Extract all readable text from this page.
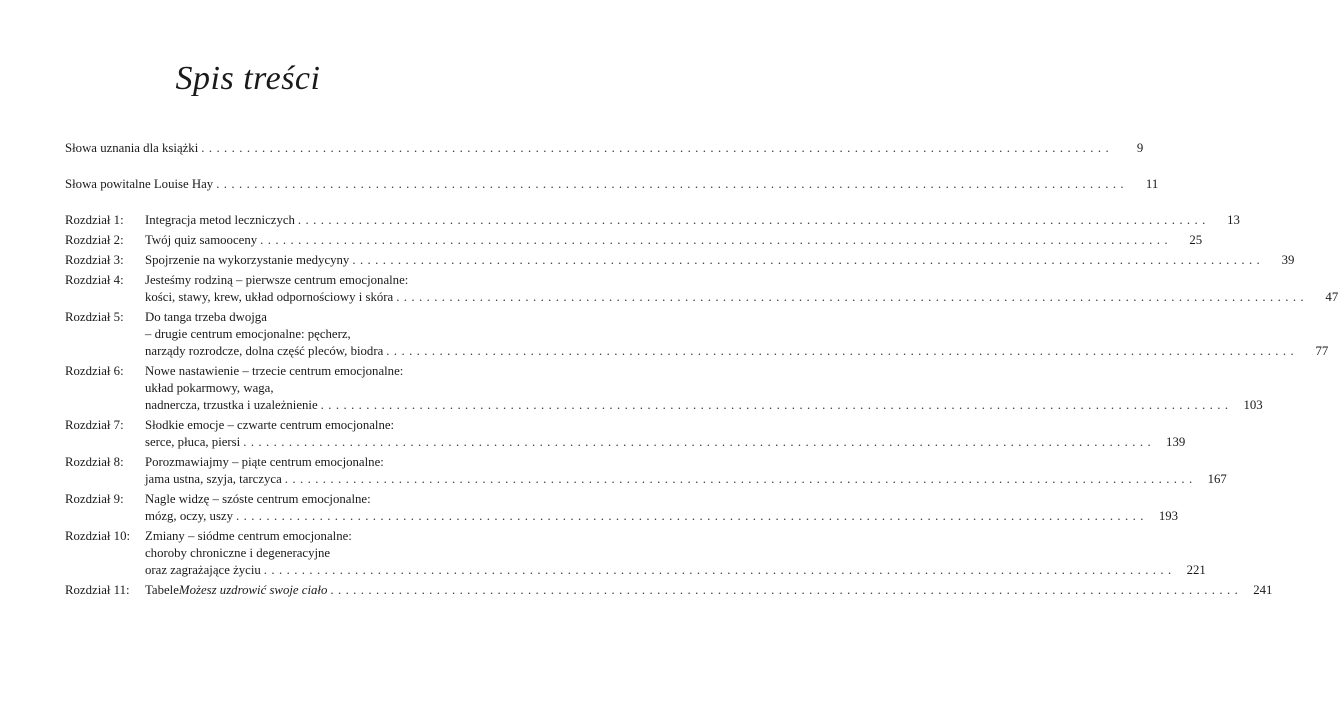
Spis treści
Słowa uznania dla książki . . . . . . . . . . . . . . . . . . . . . . . . . . . . . . . . . . . . . . . . . . . . . . . . . . . . . . . . . . . . . . . . . . . . . . . . . . . . . . . . . . . . . . . . . . . . . . . . . . . . . . . . . . . . . . . . . . . . . . . .	9
Słowa powitalne Louise Hay . . . . . . . . . . . . . . . . . . . . . . . . . . . . . . . . . . . . . . . . . . . . . . . . . . . . . . . . . . . . . . . . . . . . . . . . . . . . . . . . . . . . . . . . . . . . . . . . . . . . . . . . . . . . . . . . . . . . . . . .	11
Rozdział 1:	Integracja metod leczniczych . . . . . . . . . . . . . . . . . . . . . . . . . . . . . . . . . . . . . . . . . . . . . . . . . . . . . . . . . . . . . . . . . . . . . . . . . . . . . . . . . . . . . . . . . . . . . . . . . . . . . . . . . . . . . . . . . . . . . . . .	13
Rozdział 2:	Twój quiz samooceny . . . . . . . . . . . . . . . . . . . . . . . . . . . . . . . . . . . . . . . . . . . . . . . . . . . . . . . . . . . . . . . . . . . . . . . . . . . . . . . . . . . . . . . . . . . . . . . . . . . . . . . . . . . . . . . . . . . . . . . .	25
Rozdział 3:	Spojrzenie na wykorzystanie medycyny . . . . . . . . . . . . . . . . . . . . . . . . . . . . . . . . . . . . . . . . . . . . . . . . . . . . . . . . . . . . . . . . . . . . . . . . . . . . . . . . . . . . . . . . . . . . . . . . . . . . . . . . . . . . . . . . . . . . . . . .	39
Rozdział 4:	Jesteśmy rodziną – pierwsze centrum emocjonalne:
kości, stawy, krew, układ odpornościowy i skóra . . . . . . . . . . . . . . . . . . . . . . . . . . . . . . . . . . . . . . . . . . . . . . . . . . . . . . . . . . . . . . . . . . . . . . . . . . . . . . . . . . . . . . . . . . . . . . . . . . . . . . . . . . . . . . . . . . . . . . . .	47
Rozdział 5:	Do tanga trzeba dwojga
– drugie centrum emocjonalne: pęcherz,
narządy rozrodcze, dolna część pleców, biodra . . . . . . . . . . . . . . . . . . . . . . . . . . . . . . . . . . . . . . . . . . . . . . . . . . . . . . . . . . . . . . . . . . . . . . . . . . . . . . . . . . . . . . . . . . . . . . . . . . . . . . . . . . . . . . . . . . . . . . . .	77
Rozdział 6:	Nowe nastawienie – trzecie centrum emocjonalne:
układ pokarmowy, waga,
nadnercza, trzustka i uzależnienie . . . . . . . . . . . . . . . . . . . . . . . . . . . . . . . . . . . . . . . . . . . . . . . . . . . . . . . . . . . . . . . . . . . . . . . . . . . . . . . . . . . . . . . . . . . . . . . . . . . . . . . . . . . . . . . . . . . . . . . .	103
Rozdział 7:	Słodkie emocje – czwarte centrum emocjonalne:
serce, płuca, piersi . . . . . . . . . . . . . . . . . . . . . . . . . . . . . . . . . . . . . . . . . . . . . . . . . . . . . . . . . . . . . . . . . . . . . . . . . . . . . . . . . . . . . . . . . . . . . . . . . . . . . . . . . . . . . . . . . . . . . . . .	139
Rozdział 8:	Porozmawiajmy – piąte centrum emocjonalne:
jama ustna, szyja, tarczyca . . . . . . . . . . . . . . . . . . . . . . . . . . . . . . . . . . . . . . . . . . . . . . . . . . . . . . . . . . . . . . . . . . . . . . . . . . . . . . . . . . . . . . . . . . . . . . . . . . . . . . . . . . . . . . . . . . . . . . . .	167
Rozdział 9:	Nagle widzę – szóste centrum emocjonalne:
mózg, oczy, uszy . . . . . . . . . . . . . . . . . . . . . . . . . . . . . . . . . . . . . . . . . . . . . . . . . . . . . . . . . . . . . . . . . . . . . . . . . . . . . . . . . . . . . . . . . . . . . . . . . . . . . . . . . . . . . . . . . . . . . . . .	193
Rozdział 10:	Zmiany – siódme centrum emocjonalne:
choroby chroniczne i degeneracyjne
oraz zagrażające życiu . . . . . . . . . . . . . . . . . . . . . . . . . . . . . . . . . . . . . . . . . . . . . . . . . . . . . . . . . . . . . . . . . . . . . . . . . . . . . . . . . . . . . . . . . . . . . . . . . . . . . . . . . . . . . . . . . . . . . . . .	221
Rozdział 11:	Tabele Możesz uzdrowić swoje ciało . . . . . . . . . . . . . . . . . . . . . . . . . . . . . . . . . . . . . . . . . . . . . . . . . . . . . . . . . . . . . . . . . . . . . . . . . . . . . . . . . . . . . . . . . . . . . . . . . . . . . . . . . . . . . . . . . . . . . . . .	241
